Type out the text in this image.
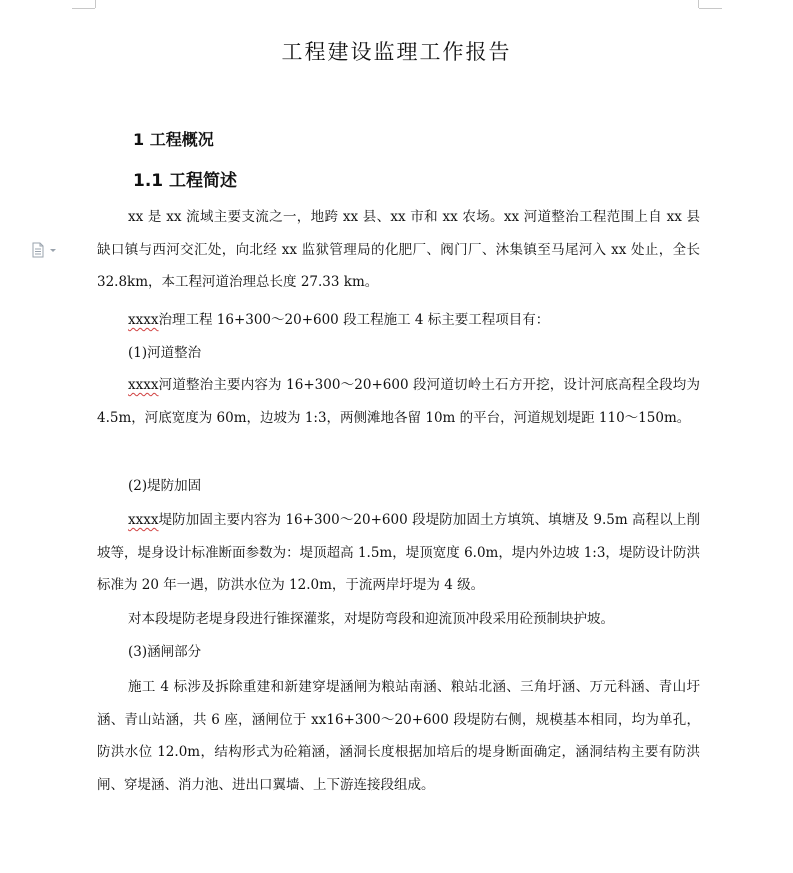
工程建设监理工作报告
1 工程概况
1.1 工程简述
xx 是 xx 流域主要支流之一，地跨 xx 县、xx 市和 xx 农场。xx 河道整治工程范围上自 xx 县缺口镇与西河交汇处，向北经 xx 监狱管理局的化肥厂、阀门厂、沐集镇至马尾河入 xx 处止，全长 32.8km，本工程河道治理总长度 27.33 km。
xxxx治理工程 16+300～20+600 段工程施工 4 标主要工程项目有：
(1)河道整治
xxxx河道整治主要内容为 16+300～20+600 段河道切岭土石方开挖，设计河底高程全段均为 4.5m，河底宽度为 60m，边坡为 1:3，两侧滩地各留 10m 的平台，河道规划堤距 110～150m。
(2)堤防加固
xxxx堤防加固主要内容为 16+300～20+600 段堤防加固土方填筑、填塘及 9.5m 高程以上削坡等，堤身设计标准断面参数为：堤顶超高 1.5m，堤顶宽度 6.0m，堤内外边坡 1:3，堤防设计防洪标准为 20 年一遇，防洪水位为 12.0m，于流两岸圩堤为 4 级。
对本段堤防老堤身段进行锥探灌浆，对堤防弯段和迎流顶冲段采用砼预制块护坡。
(3)涵闸部分
施工 4 标涉及拆除重建和新建穿堤涵闸为粮站南涵、粮站北涵、三角圩涵、万元科涵、青山圩涵、青山站涵，共 6 座，涵闸位于 xx16+300～20+600 段堤防右侧，规模基本相同，均为单孔，防洪水位 12.0m，结构形式为砼箱涵，涵洞长度根据加培后的堤身断面确定，涵洞结构主要有防洪闸、穿堤涵、消力池、进出口翼墙、上下游连接段组成。
